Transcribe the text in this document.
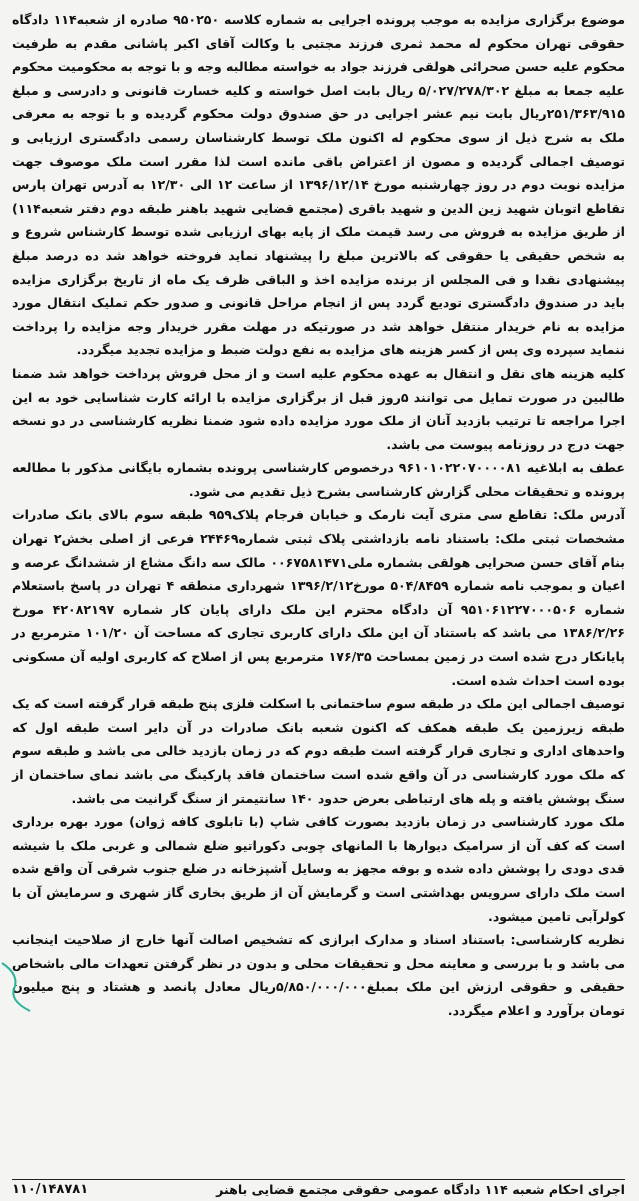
موضوع برگزاری مزایده به موجب پرونده اجرایی به شماره کلاسه ۹۵۰۲۵۰ صادره از شعبه۱۱۴ دادگاه حقوقی تهران محکوم له محمد ثمری فرزند مجتبی با وکالت آقای اکبر پاشانی مقدم به طرفیت محکوم علیه حسن صحرائی هولقی فرزند جواد به خواسته مطالبه وجه و با توجه به محکومیت محکوم علیه جمعا به مبلغ ۵/۰۲۷/۲۷۸/۳۰۲ ریال بابت اصل خواسته و کلیه خسارت قانونی و دادرسی و مبلغ ۲۵۱/۳۶۳/۹۱۵ریال بابت نیم عشر اجرایی در حق صندوق دولت محکوم گردیده و با توجه به معرفی ملک به شرح ذیل از سوی محکوم له اکنون ملک توسط کارشناسان رسمی دادگستری ارزیابی و توصیف اجمالی گردیده و مصون از اعتراض باقی مانده است لذا مقرر است ملک موصوف جهت مزایده نوبت دوم در روز چهارشنبه مورخ ۱۳۹۶/۱۲/۱۴ از ساعت ۱۲ الی ۱۲/۳۰ به آدرس تهران پارس تقاطع اتوبان شهید زین الدین و شهید باقری (مجتمع قضایی شهید باهنر طبقه دوم دفتر شعبه۱۱۴) از طریق مزایده به فروش می رسد قیمت ملک از پایه بهای ارزیابی شده توسط کارشناس شروع و به شخص حقیقی یا حقوقی که بالاترین مبلغ را پیشنهاد نماید فروخته خواهد شد ده درصد مبلغ پیشنهادی نقدا و فی المجلس از برنده مزایده اخذ و الباقی ظرف یک ماه از تاریخ برگزاری مزایده باید در صندوق دادگستری تودیع گردد پس از انجام مراحل قانونی و صدور حکم تملیک انتقال مورد مزایده به نام خریدار منتقل خواهد شد در صورتیکه در مهلت مقرر خریدار وجه مزایده را پرداخت ننماید سپرده وی پس از کسر هزینه های مزایده به نفع دولت ضبط و مزایده تجدید میگردد.

کلیه هزینه های نقل و انتقال به عهده محکوم علیه است و از محل فروش پرداخت خواهد شد ضمنا طالبین در صورت تمایل می توانند ۵روز قبل از برگزاری مزایده با ارائه کارت شناسایی خود به این اجرا مراجعه تا ترتیب بازدید آنان از ملک مورد مزایده داده شود ضمنا نظریه کارشناسی در دو نسخه جهت درج در روزنامه پیوست می باشد.

عطف به ابلاغیه ۹۶۱۰۱۰۲۲۰۷۰۰۰۰۸۱ درخصوص کارشناسی پرونده بشماره بایگانی مذکور با مطالعه پرونده و تحقیقات محلی گزارش کارشناسی بشرح ذیل تقدیم می شود.

آدرس ملک: تقاطع سی متری آیت نارمک و خیابان فرجام پلاک۹۵۹ طبقه سوم بالای بانک صادرات مشخصات ثبتی ملک: باستناد نامه بازداشتی پلاک ثبتی شماره۲۴۴۶۹ فرعی از اصلی بخش۲ تهران بنام آقای حسن صحرایی هولقی بشماره ملی۰۰۶۷۵۸۱۴۷۱ مالک سه دانگ مشاع از ششدانگ عرصه و اعیان و بموجب نامه شماره ۵۰۴/۸۴۵۹ مورخ۱۳۹۶/۲/۱۲ شهرداری منطقه ۴ تهران در پاسخ باستعلام شماره ۹۵۱۰۶۱۲۲۷۰۰۰۵۰۶ آن دادگاه محترم این ملک دارای پایان کار شماره ۴۲۰۸۲۱۹۷ مورخ ۱۳۸۶/۲/۲۶ می باشد که باستناد آن این ملک دارای کاربری تجاری که مساحت آن ۱۰۱/۲۰ مترمربع در پایانکار درج شده است در زمین بمساحت ۱۷۶/۳۵ مترمربع پس از اصلاح که کاربری اولیه آن مسکونی بوده است احداث شده است.

توصیف اجمالی این ملک در طبقه سوم ساختمانی با اسکلت فلزی پنج طبقه قرار گرفته است که یک طبقه زیرزمین یک طبقه همکف که اکنون شعبه بانک صادرات در آن دایر است طبقه اول که واحدهای اداری و تجاری قرار گرفته است طبقه دوم که در زمان بازدید خالی می باشد و طبقه سوم که ملک مورد کارشناسی در آن واقع شده است ساختمان فاقد پارکینگ می باشد نمای ساختمان از سنگ پوشش یافته و پله های ارتباطی بعرض حدود ۱۴۰ سانتیمتر از سنگ گرانیت می باشد.

ملک مورد کارشناسی در زمان بازدید بصورت کافی شاپ (با تابلوی کافه ژوان) مورد بهره برداری است که کف آن از سرامیک دیوارها با المانهای چوبی دکوراتیو ضلع شمالی و غربی ملک با شیشه قدی دودی را پوشش داده شده و بوفه مجهز به وسایل آشپزخانه در ضلع جنوب شرقی آن واقع شده است ملک دارای سرویس بهداشتی است و گرمایش آن از طریق بخاری گاز شهری و سرمایش آن با کولرآبی تامین میشود.

نظریه کارشناسی: باستناد اسناد و مدارک ابرازی که تشخیص اصالت آنها خارج از صلاحیت اینجانب می باشد و با بررسی و معاینه محل و تحقیقات محلی و بدون در نظر گرفتن تعهدات مالی باشخاص حقیقی و حقوقی ارزش این ملک بمبلغ۵/۸۵۰/۰۰۰/۰۰۰ریال معادل پانصد و هشتاد و پنج میلیون تومان برآورد و اعلام میگردد.

اجرای احکام شعبه ۱۱۴ دادگاه عمومی حقوقی مجتمع قضایی باهنر
۱۱۰/۱۴۸۷۸۱
